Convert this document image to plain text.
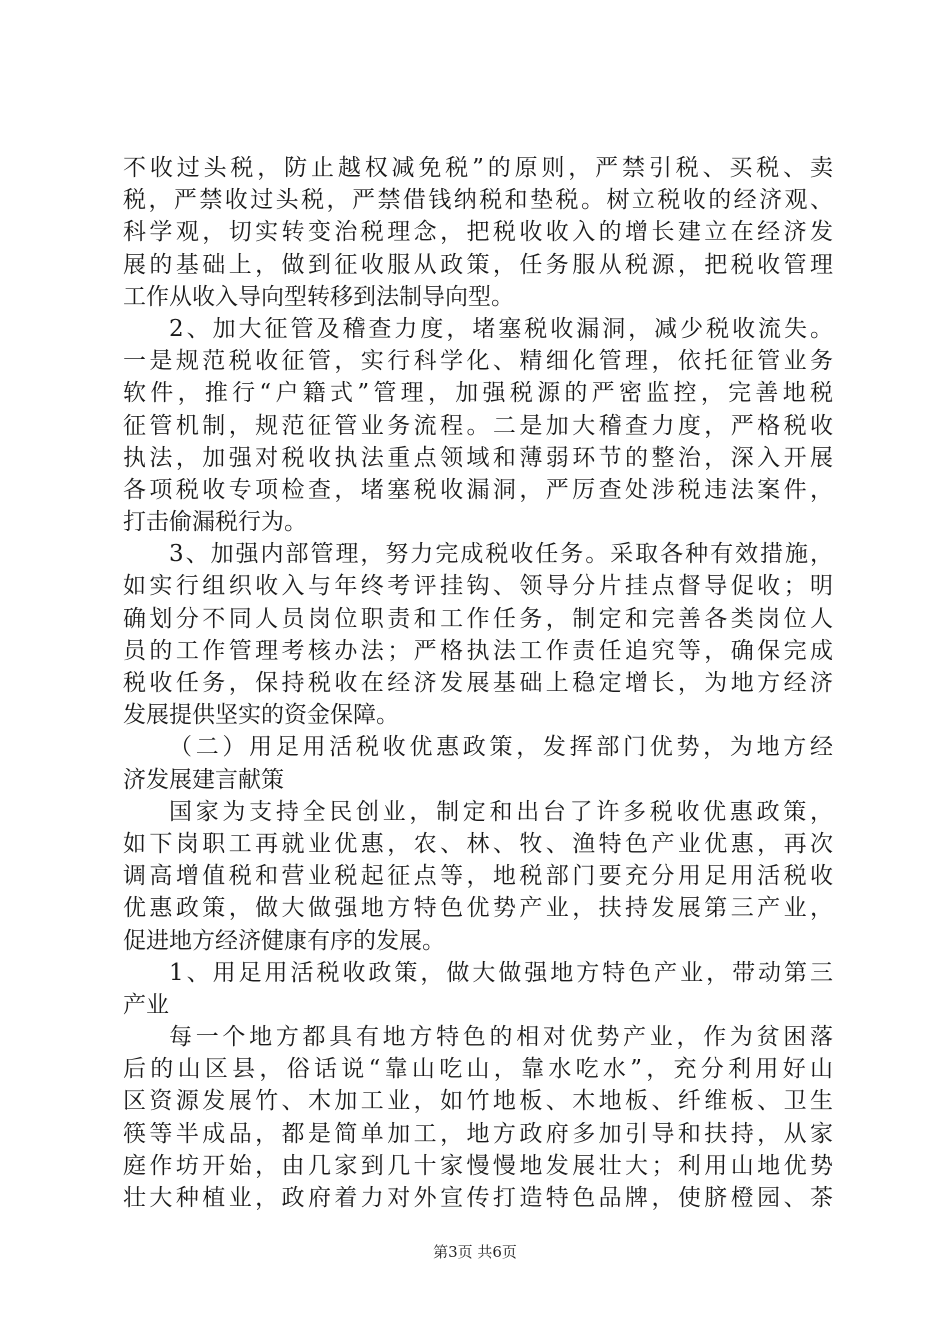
不收过头税，防止越权减免税”的原则，严禁引税、买税、卖
税，严禁收过头税，严禁借钱纳税和垫税。树立税收的经济观、
科学观，切实转变治税理念，把税收收入的增长建立在经济发
展的基础上，做到征收服从政策，任务服从税源，把税收管理
工作从收入导向型转移到法制导向型。
2、加大征管及稽查力度，堵塞税收漏洞，减少税收流失。
一是规范税收征管，实行科学化、精细化管理，依托征管业务
软件，推行“户籍式”管理，加强税源的严密监控，完善地税
征管机制，规范征管业务流程。二是加大稽查力度，严格税收
执法，加强对税收执法重点领域和薄弱环节的整治，深入开展
各项税收专项检查，堵塞税收漏洞，严厉查处涉税违法案件，
打击偷漏税行为。
3、加强内部管理，努力完成税收任务。采取各种有效措施，
如实行组织收入与年终考评挂钩、领导分片挂点督导促收；明
确划分不同人员岗位职责和工作任务，制定和完善各类岗位人
员的工作管理考核办法；严格执法工作责任追究等，确保完成
税收任务，保持税收在经济发展基础上稳定增长，为地方经济
发展提供坚实的资金保障。
（二）用足用活税收优惠政策，发挥部门优势，为地方经
济发展建言献策
国家为支持全民创业，制定和出台了许多税收优惠政策，
如下岗职工再就业优惠，农、林、牧、渔特色产业优惠，再次
调高增值税和营业税起征点等，地税部门要充分用足用活税收
优惠政策，做大做强地方特色优势产业，扶持发展第三产业，
促进地方经济健康有序的发展。
1、用足用活税收政策，做大做强地方特色产业，带动第三
产业
每一个地方都具有地方特色的相对优势产业，作为贫困落
后的山区县，俗话说“靠山吃山，靠水吃水”，充分利用好山
区资源发展竹、木加工业，如竹地板、木地板、纤维板、卫生
筷等半成品，都是简单加工，地方政府多加引导和扶持，从家
庭作坊开始，由几家到几十家慢慢地发展壮大；利用山地优势
壮大种植业，政府着力对外宣传打造特色品牌，使脐橙园、茶
第3页 共6页
